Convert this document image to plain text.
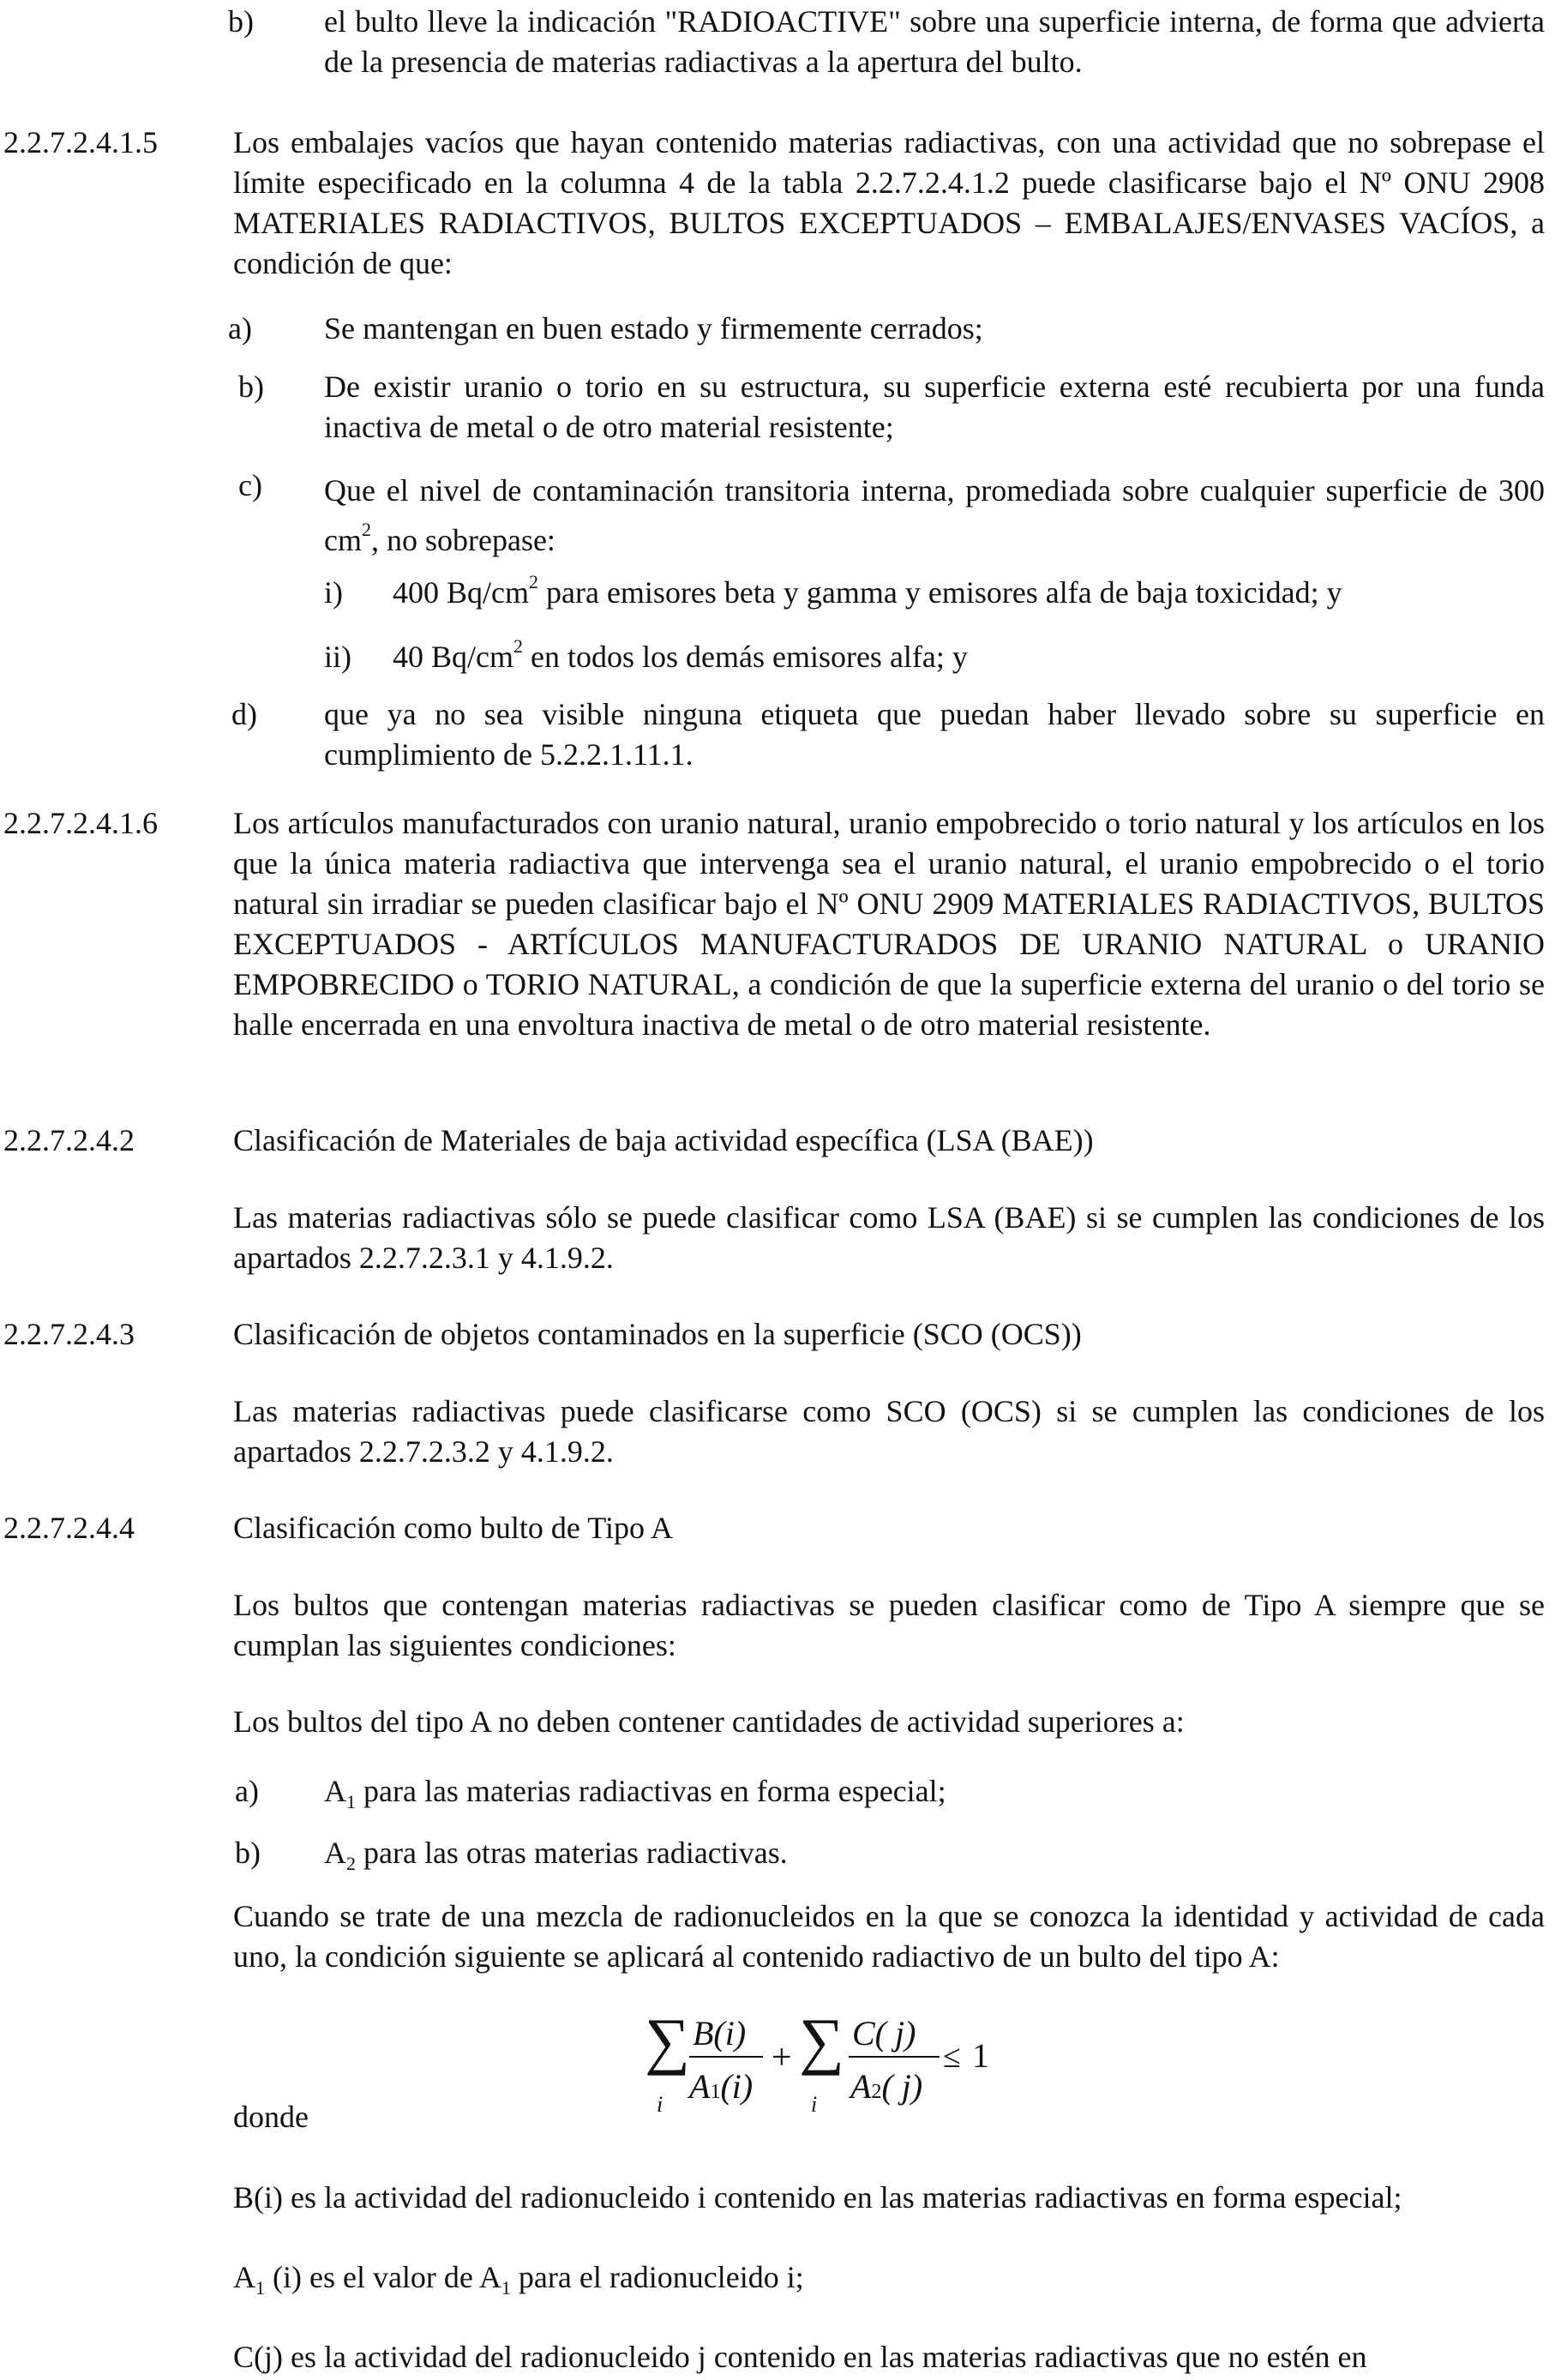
b) el bulto lleve la indicación "RADIOACTIVE" sobre una superficie interna, de forma que advierta de la presencia de materias radiactivas a la apertura del bulto.
2.2.7.2.4.1.5 Los embalajes vacíos que hayan contenido materias radiactivas, con una actividad que no sobrepase el límite especificado en la columna 4 de la tabla 2.2.7.2.4.1.2 puede clasificarse bajo el Nº ONU 2908 MATERIALES RADIACTIVOS, BULTOS EXCEPTUADOS – EMBALAJES/ENVASES VACÍOS, a condición de que:
a) Se mantengan en buen estado y firmemente cerrados;
b) De existir uranio o torio en su estructura, su superficie externa esté recubierta por una funda inactiva de metal o de otro material resistente;
c) Que el nivel de contaminación transitoria interna, promediada sobre cualquier superficie de 300 $cm^2$, no sobrepase:
i) 400 $Bq/cm^2$ para emisores beta y gamma y emisores alfa de baja toxicidad; y
ii) 40 $Bq/cm^2$ en todos los demás emisores alfa; y
d) que ya no sea visible ninguna etiqueta que puedan haber llevado sobre su superficie en cumplimiento de 5.2.2.1.11.1.
2.2.7.2.4.1.6 Los artículos manufacturados con uranio natural, uranio empobrecido o torio natural y los artículos en los que la única materia radiactiva que intervenga sea el uranio natural, el uranio empobrecido o el torio natural sin irradiar se pueden clasificar bajo el Nº ONU 2909 MATERIALES RADIACTIVOS, BULTOS EXCEPTUADOS - ARTÍCULOS MANUFACTURADOS DE URANIO NATURAL o URANIO EMPOBRECIDO o TORIO NATURAL, a condición de que la superficie externa del uranio o del torio se halle encerrada en una envoltura inactiva de metal o de otro material resistente.
2.2.7.2.4.2	Clasificación de Materiales de baja actividad específica (LSA (BAE))
Las materias radiactivas sólo se puede clasificar como LSA (BAE) si se cumplen las condiciones de los apartados 2.2.7.2.3.1 y 4.1.9.2.
2.2.7.2.4.3	Clasificación de objetos contaminados en la superficie (SCO (OCS))
Las materias radiactivas puede clasificarse como SCO (OCS) si se cumplen las condiciones de los apartados 2.2.7.2.3.2 y 4.1.9.2.
2.2.7.2.4.4	Clasificación como bulto de Tipo A
Los bultos que contengan materias radiactivas se pueden clasificar como de Tipo A siempre que se cumplan las siguientes condiciones:
Los bultos del tipo A no deben contener cantidades de actividad superiores a:
a) $A_1$ para las materias radiactivas en forma especial;
b) $A_2$ para las otras materias radiactivas.
Cuando se trate de una mezcla de radionucleidos en la que se conozca la identidad y actividad de cada uno, la condición siguiente se aplicará al contenido radiactivo de un bulto del tipo A:
∑
i
B(i)
A1(i)
+ ∑
i
C( j)
A2( j)
≤ 1
donde
B(i) es la actividad del radionucleido i contenido en las materias radiactivas en forma especial;
$A_1$ (i) es el valor de $A_1$ para el radionucleido i;
C(j) es la actividad del radionucleido j contenido en las materias radiactivas que no estén en
